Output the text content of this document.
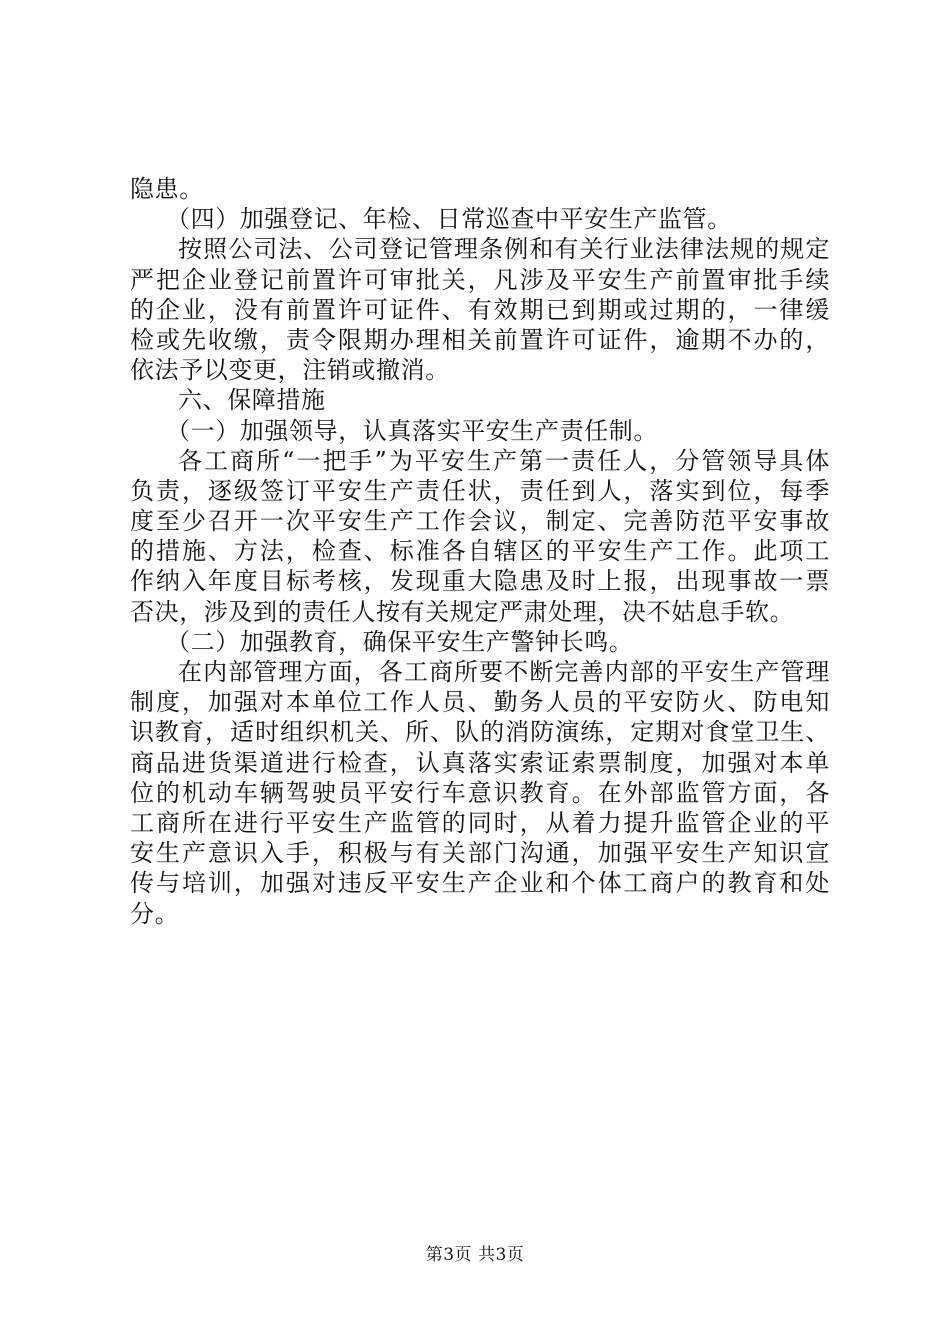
隐患。
（四）加强登记、年检、日常巡查中平安生产监管。
按照公司法、公司登记管理条例和有关行业法律法规的规定
严把企业登记前置许可审批关，凡涉及平安生产前置审批手续
的企业，没有前置许可证件、有效期已到期或过期的，一律缓
检或先收缴，责令限期办理相关前置许可证件，逾期不办的，
依法予以变更，注销或撤消。
六、保障措施
（一）加强领导，认真落实平安生产责任制。
各工商所“一把手”为平安生产第一责任人，分管领导具体
负责，逐级签订平安生产责任状，责任到人，落实到位，每季
度至少召开一次平安生产工作会议，制定、完善防范平安事故
的措施、方法，检查、标准各自辖区的平安生产工作。此项工
作纳入年度目标考核，发现重大隐患及时上报，出现事故一票
否决，涉及到的责任人按有关规定严肃处理，决不姑息手软。
（二）加强教育，确保平安生产警钟长鸣。
在内部管理方面，各工商所要不断完善内部的平安生产管理
制度，加强对本单位工作人员、勤务人员的平安防火、防电知
识教育，适时组织机关、所、队的消防演练，定期对食堂卫生、
商品进货渠道进行检查，认真落实索证索票制度，加强对本单
位的机动车辆驾驶员平安行车意识教育。在外部监管方面，各
工商所在进行平安生产监管的同时，从着力提升监管企业的平
安生产意识入手，积极与有关部门沟通，加强平安生产知识宣
传与培训，加强对违反平安生产企业和个体工商户的教育和处
分。
第3页 共3页
